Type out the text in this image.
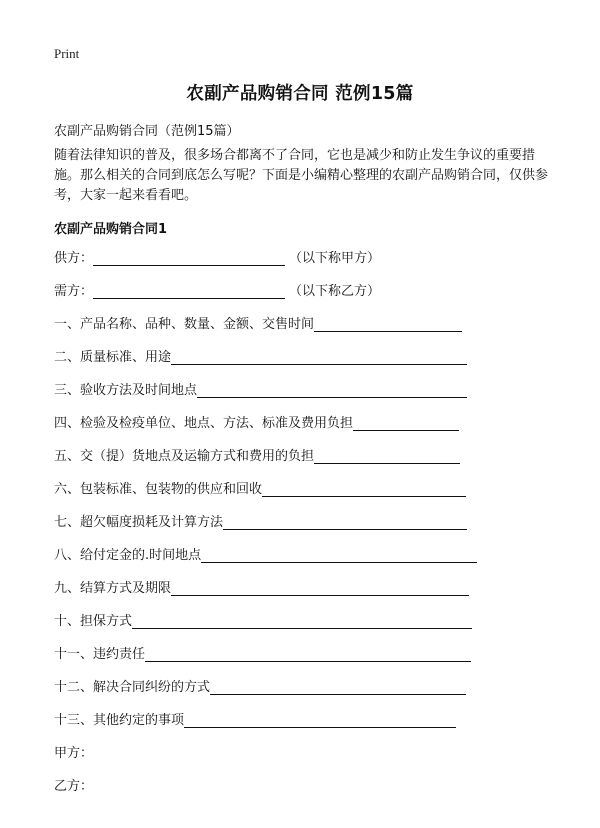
Print
农副产品购销合同 范例15篇
农副产品购销合同（范例15篇）
随着法律知识的普及，很多场合都离不了合同，它也是减少和防止发生争议的重要措施。那么相关的合同到底怎么写呢？下面是小编精心整理的农副产品购销合同，仅供参考，大家一起来看看吧。
农副产品购销合同1
供方：	（以下称甲方）
需方：	（以下称乙方）
一、产品名称、品种、数量、金额、交售时间
二、质量标准、用途
三、验收方法及时间地点
四、检验及检疫单位、地点、方法、标准及费用负担
五、交（提）货地点及运输方式和费用的负担
六、包装标准、包装物的供应和回收
七、超欠幅度损耗及计算方法
八、给付定金的.时间地点
九、结算方式及期限
十、担保方式
十一、违约责任
十二、解决合同纠纷的方式
十三、其他约定的事项
甲方：
乙方：
